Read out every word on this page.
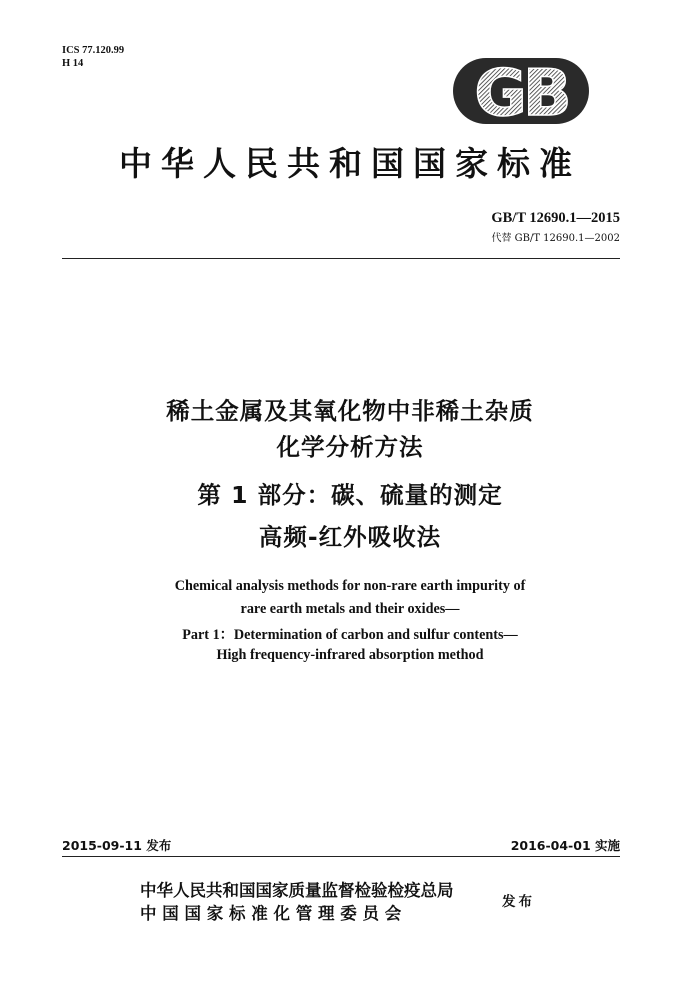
ICS 77.120.99
H 14	GB
中华人民共和国国家标准
GB/T 12690.1—2015
代替 GB/T 12690.1—2002
稀土金属及其氧化物中非稀土杂质
化学分析方法
第 1 部分：碳、硫量的测定
高频-红外吸收法
Chemical analysis methods for non-rare earth impurity of
rare earth metals and their oxides—
Part 1：Determination of carbon and sulfur contents—
High frequency-infrared absorption method
2015-09-11 发布	2016-04-01 实施
中华人民共和国国家质量监督检验检疫总局
中 国 国 家 标 准 化 管 理 委 员 会
发布
